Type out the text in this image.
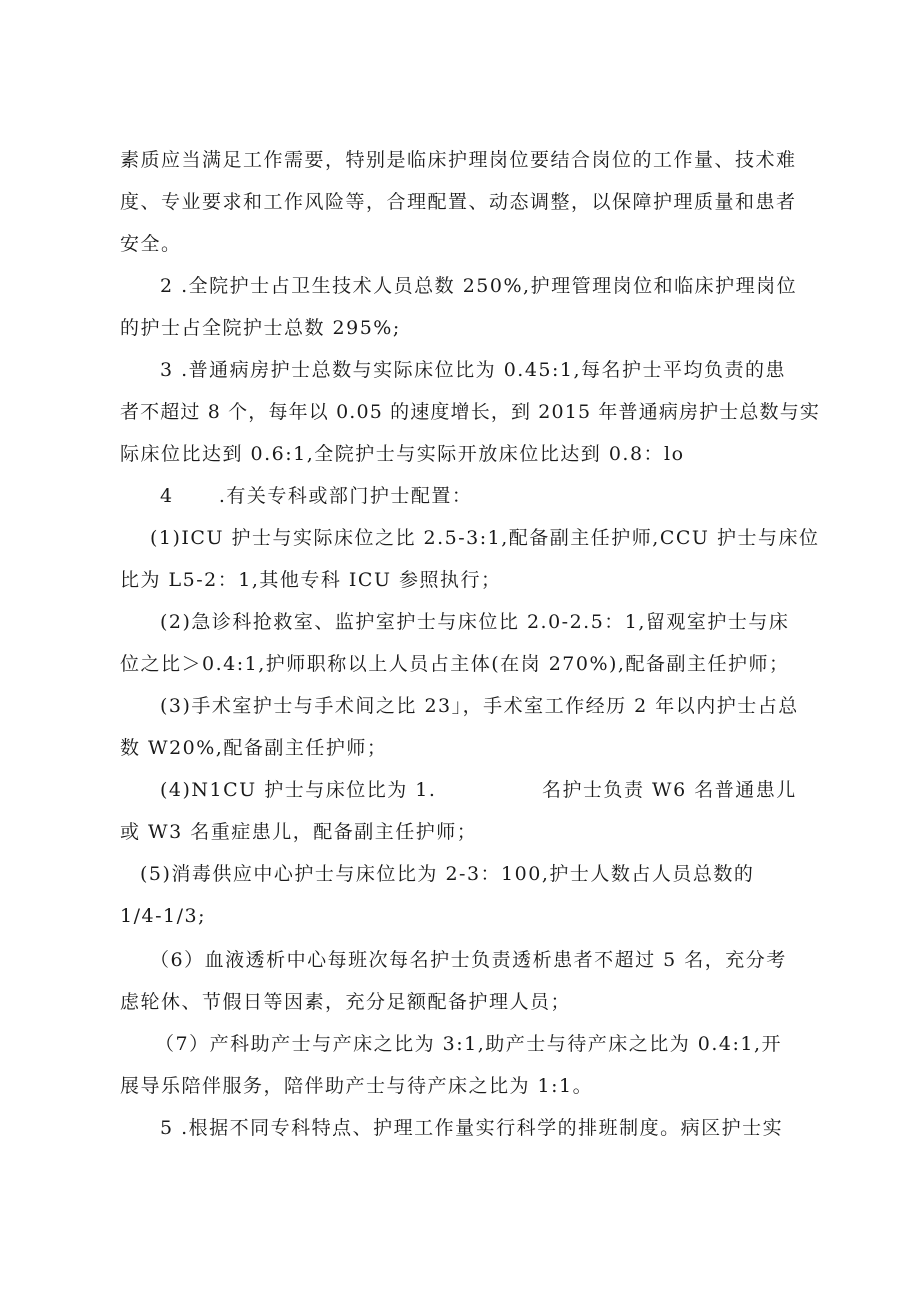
素质应当满足工作需要，特别是临床护理岗位要结合岗位的工作量、技术难
度、专业要求和工作风险等，合理配置、动态调整，以保障护理质量和患者
安全。
2 .全院护士占卫生技术人员总数 250%,护理管理岗位和临床护理岗位
的护士占全院护士总数 295%;
3 .普通病房护士总数与实际床位比为 0.45:1,每名护士平均负责的患
者不超过 8 个，每年以 0.05 的速度增长，到 2015 年普通病房护士总数与实
际床位比达到 0.6:1,全院护士与实际开放床位比达到 0.8：lo
4      .有关专科或部门护士配置：
(1)ICU 护士与实际床位之比 2.5-3:1,配备副主任护师,CCU 护士与床位
比为 L5-2：1,其他专科 ICU 参照执行；
(2)急诊科抢救室、监护室护士与床位比 2.0-2.5：1,留观室护士与床
位之比＞0.4:1,护师职称以上人员占主体(在岗 270%),配备副主任护师；
(3)手术室护士与手术间之比 23」，手术室工作经历 2 年以内护士占总
数 W20%,配备副主任护师；
(4)N1CU 护士与床位比为 1.	名护士负责 W6 名普通患儿
或 W3 名重症患儿，配备副主任护师；
(5)消毒供应中心护士与床位比为 2-3：100,护士人数占人员总数的
1/4-1/3;
（6）血液透析中心每班次每名护士负责透析患者不超过 5 名，充分考
虑轮休、节假日等因素，充分足额配备护理人员；
（7）产科助产士与产床之比为 3:1,助产士与待产床之比为 0.4:1,开
展导乐陪伴服务，陪伴助产士与待产床之比为 1:1。
5 .根据不同专科特点、护理工作量实行科学的排班制度。病区护士实
